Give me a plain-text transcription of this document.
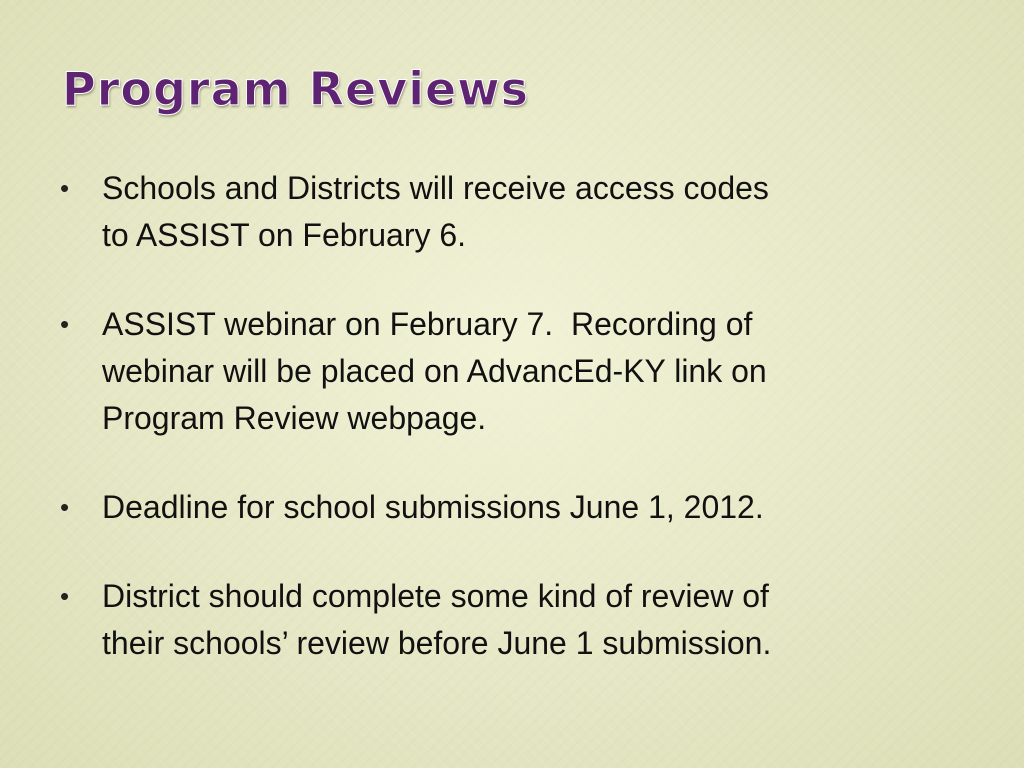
Program Reviews
•	Schools and Districts will receive access codes
to ASSIST on February 6.
•	ASSIST webinar on February 7.  Recording of
webinar will be placed on AdvancEd-KY link on
Program Review webpage.
•	Deadline for school submissions June 1, 2012.
•	District should complete some kind of review of
their schools’ review before June 1 submission.
